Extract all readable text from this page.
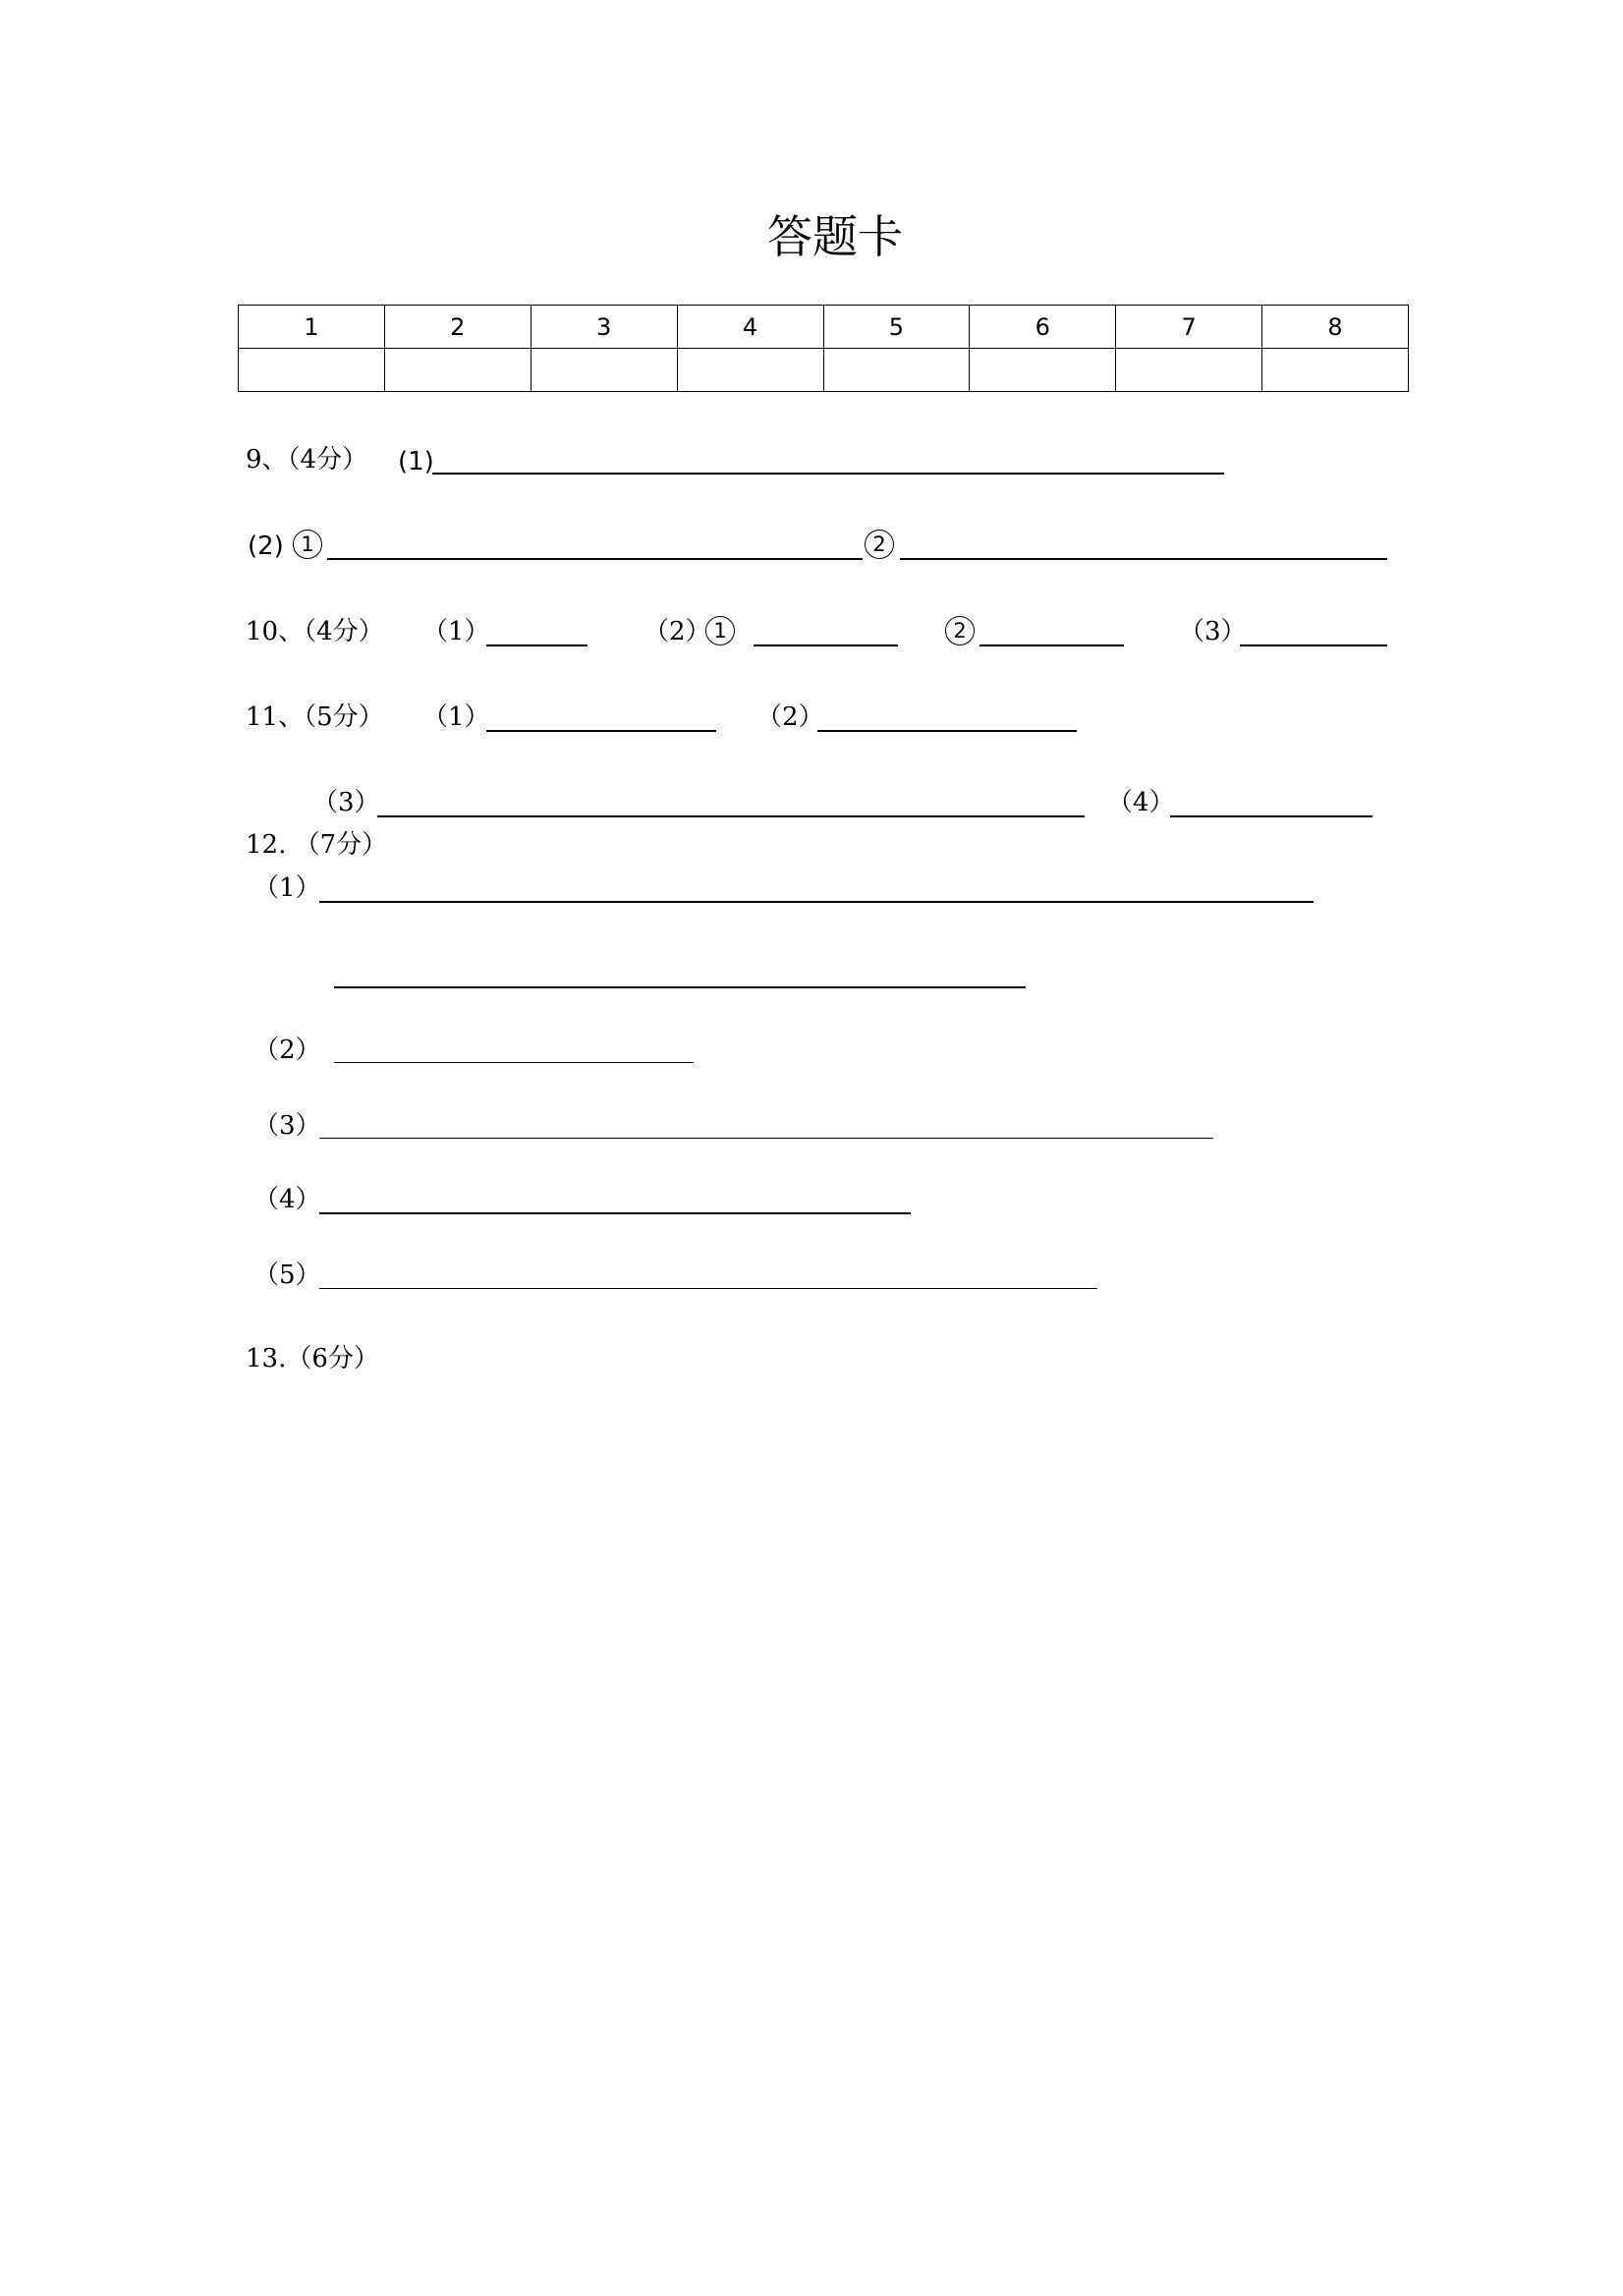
答题卡
1	2	3	4	5	6	7	8

9、（4分） (1)
(2) 1	2
10、（4分） （1）	（2） 1	2	（3）
11、（5分） （1）	（2）
（3）	（4）
12. （7分）
（1）
（2）
（3）
（4）
（5）
13.（6分）
